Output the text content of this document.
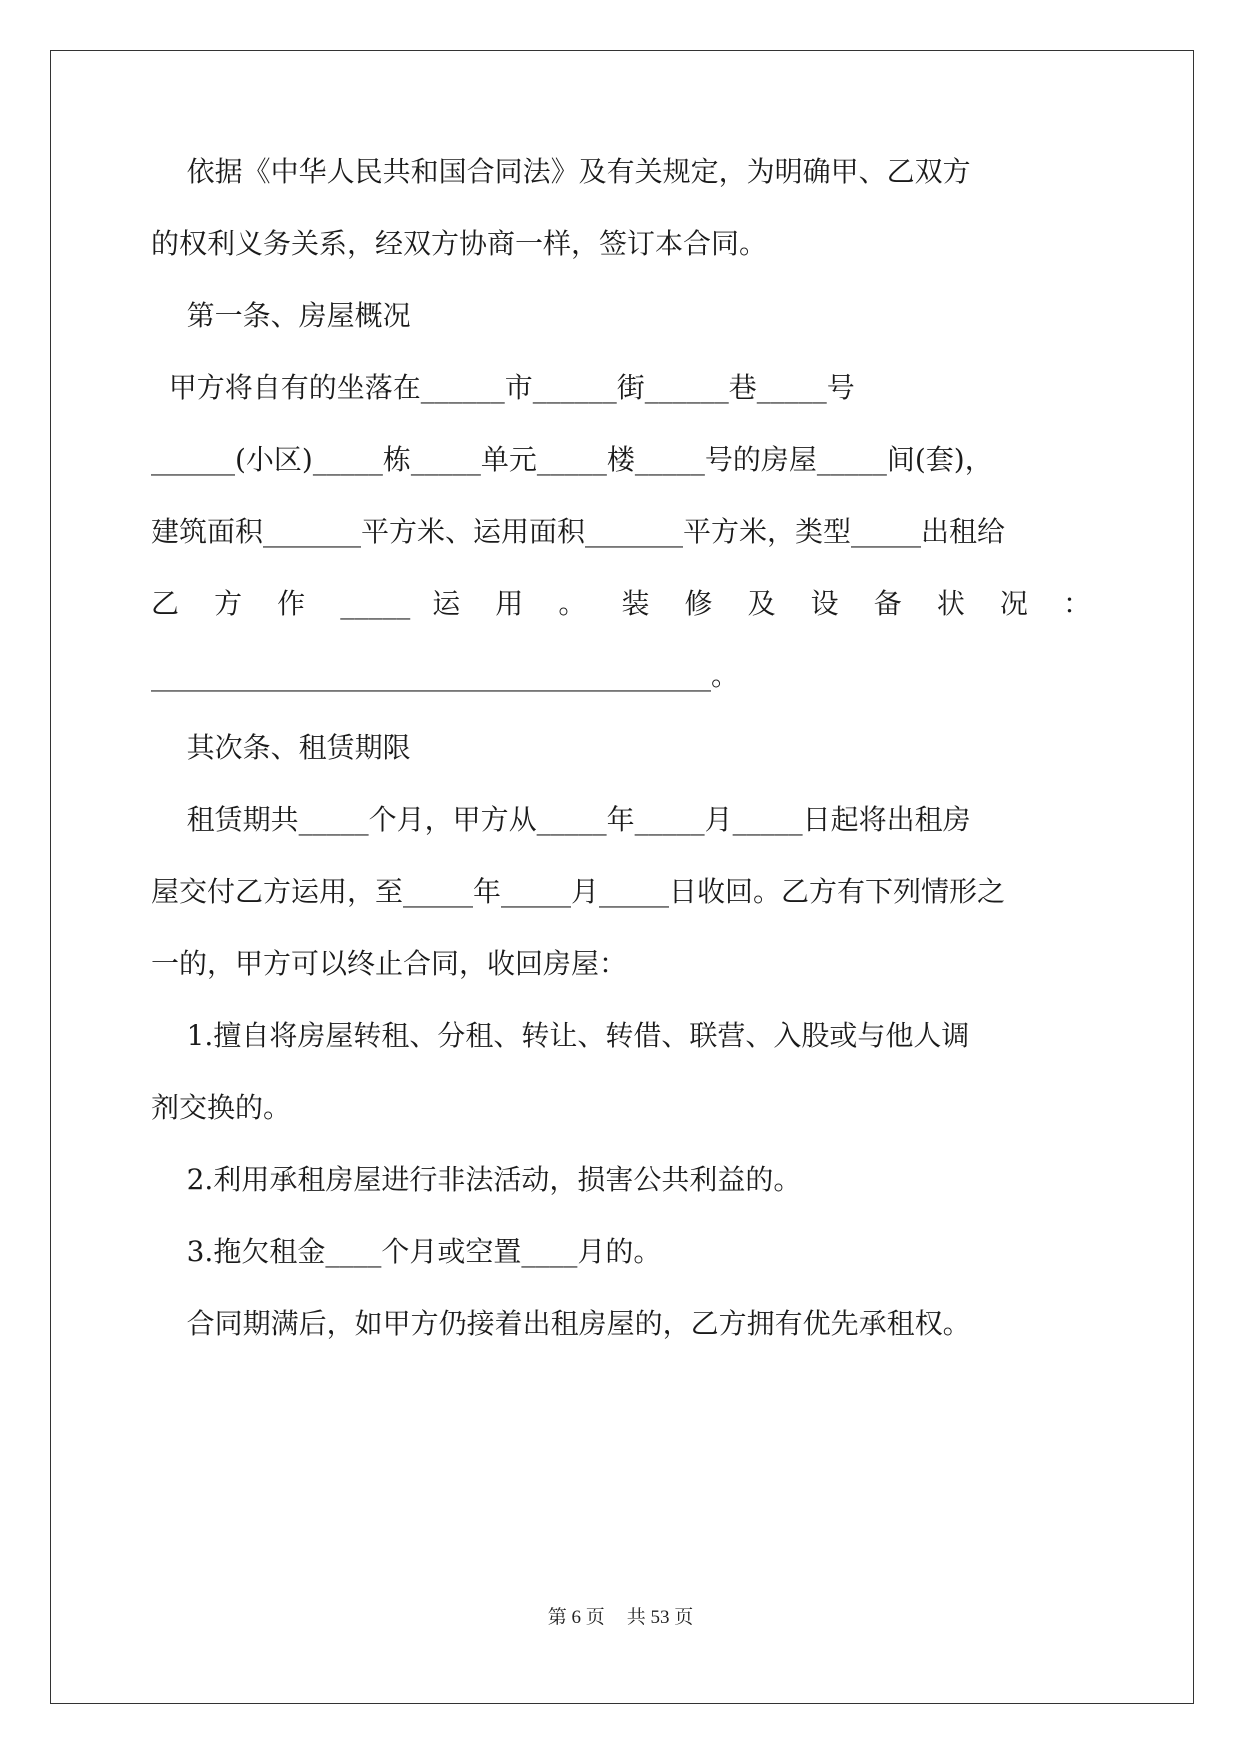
依据《中华人民共和国合同法》及有关规定，为明确甲、乙双方
的权利义务关系，经双方协商一样，签订本合同。
第一条、房屋概况
甲方将自有的坐落在______市______街______巷_____号
______(小区)_____栋_____单元_____楼_____号的房屋_____间(套)，
建筑面积_______平方米、运用面积_______平方米，类型_____出租给
乙 方 作 _____ 运 用 。 装 修 及 设 备 状 况 ：
________________________________________。
其次条、租赁期限
租赁期共_____个月，甲方从_____年_____月_____日起将出租房
屋交付乙方运用，至_____年_____月_____日收回。乙方有下列情形之
一的，甲方可以终止合同，收回房屋：
1.擅自将房屋转租、分租、转让、转借、联营、入股或与他人调
剂交换的。
2.利用承租房屋进行非法活动，损害公共利益的。
3.拖欠租金____个月或空置____月的。
合同期满后，如甲方仍接着出租房屋的，乙方拥有优先承租权。
第 6 页 共 53 页
